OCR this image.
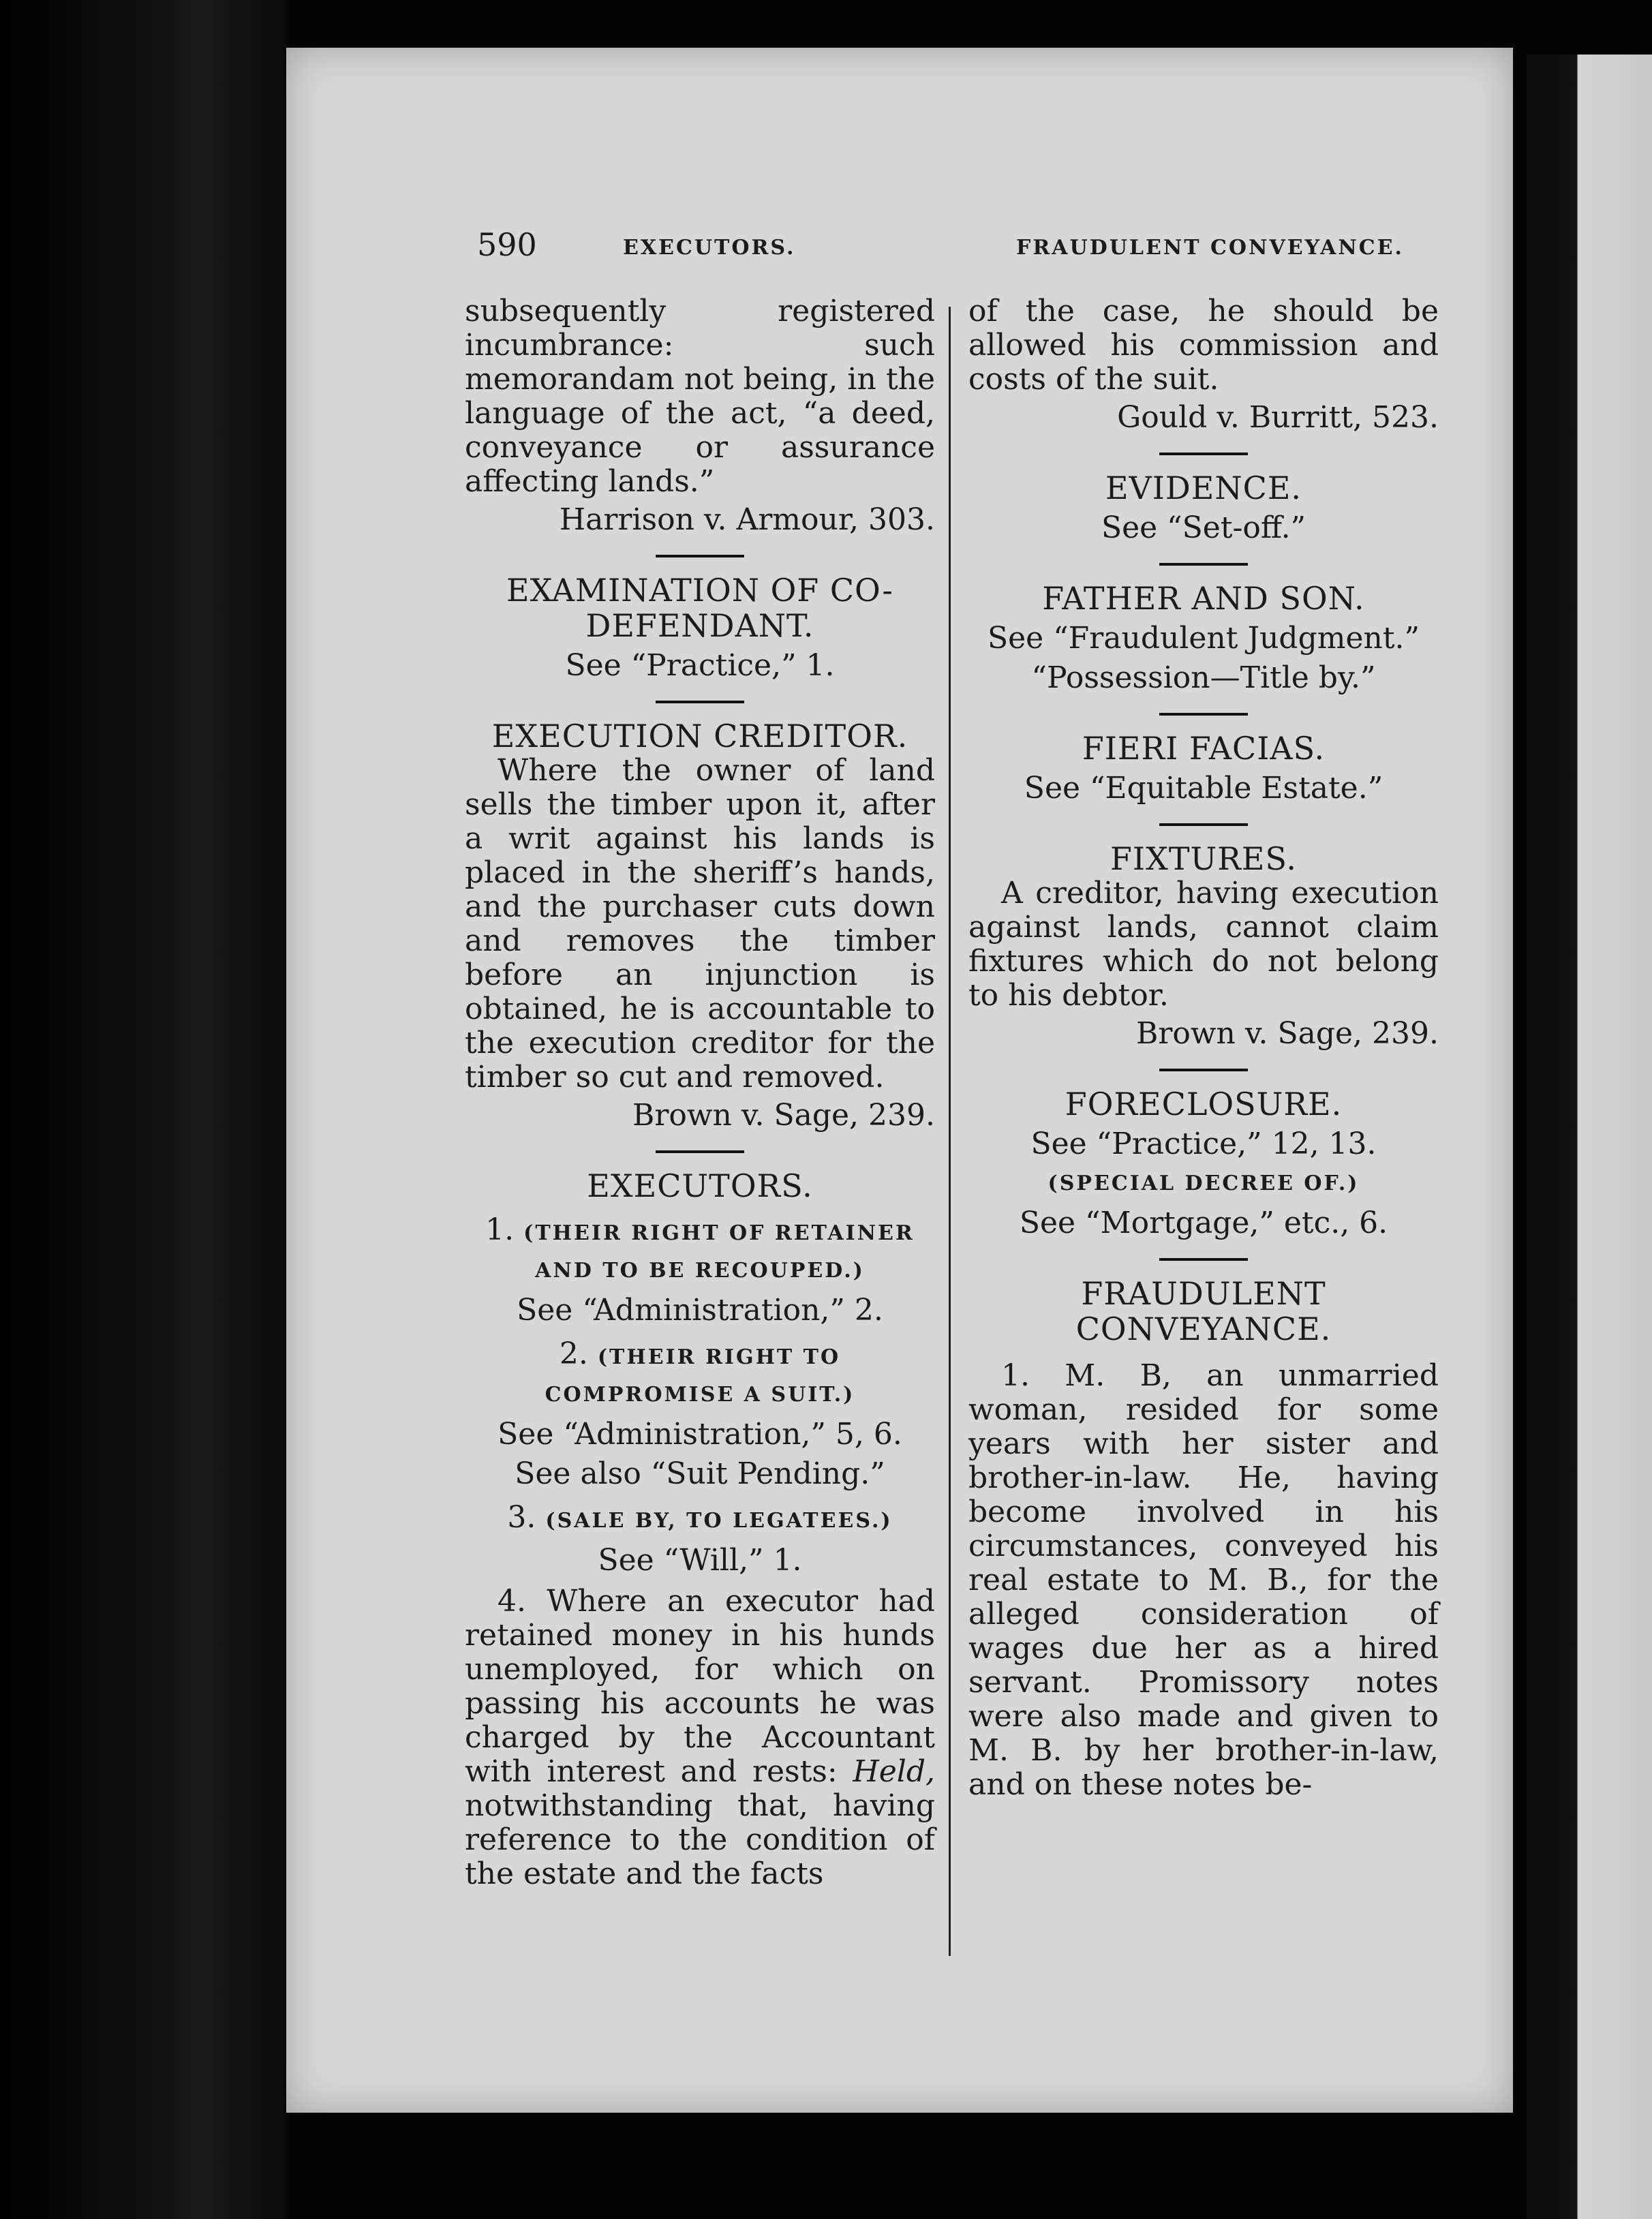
590	EXECUTORS.	FRAUDULENT CONVEYANCE.

subsequently registered incumbrance: such memorandam not being, in the language of the act, “a deed, conveyance or assurance affecting lands.”

Harrison v. Armour, 303.

EXAMINATION OF CO-DEFENDANT.

See “Practice,” 1.

EXECUTION CREDITOR.

Where the owner of land sells the timber upon it, after a writ against his lands is placed in the sheriff’s hands, and the purchaser cuts down and removes the timber before an injunction is obtained, he is accountable to the execution creditor for the timber so cut and removed.

Brown v. Sage, 239.

EXECUTORS.

1. (THEIR RIGHT OF RETAINER AND TO BE RECOUPED.)

See “Administration,” 2.

2. (THEIR RIGHT TO COMPROMISE A SUIT.)

See “Administration,” 5, 6.

See also “Suit Pending.”

3. (SALE BY, TO LEGATEES.)

See “Will,” 1.

4. Where an executor had retained money in his hunds unemployed, for which on passing his accounts he was charged by the Accountant with interest and rests: Held, notwithstanding that, having reference to the condition of the estate and the facts

of the case, he should be allowed his commission and costs of the suit.

Gould v. Burritt, 523.

EVIDENCE.

See “Set-off.”

FATHER AND SON.

See “Fraudulent Judgment.”

“Possession—Title by.”

FIERI FACIAS.

See “Equitable Estate.”

FIXTURES.

A creditor, having execution against lands, cannot claim fixtures which do not belong to his debtor.

Brown v. Sage, 239.

FORECLOSURE.

See “Practice,” 12, 13.

(SPECIAL DECREE OF.)

See “Mortgage,” etc., 6.

FRAUDULENT CONVEYANCE.

1. M. B, an unmarried woman, resided for some years with her sister and brother-in-law. He, having become involved in his circumstances, conveyed his real estate to M. B., for the alleged consideration of wages due her as a hired servant. Promissory notes were also made and given to M. B. by her brother-in-law, and on these notes be-
